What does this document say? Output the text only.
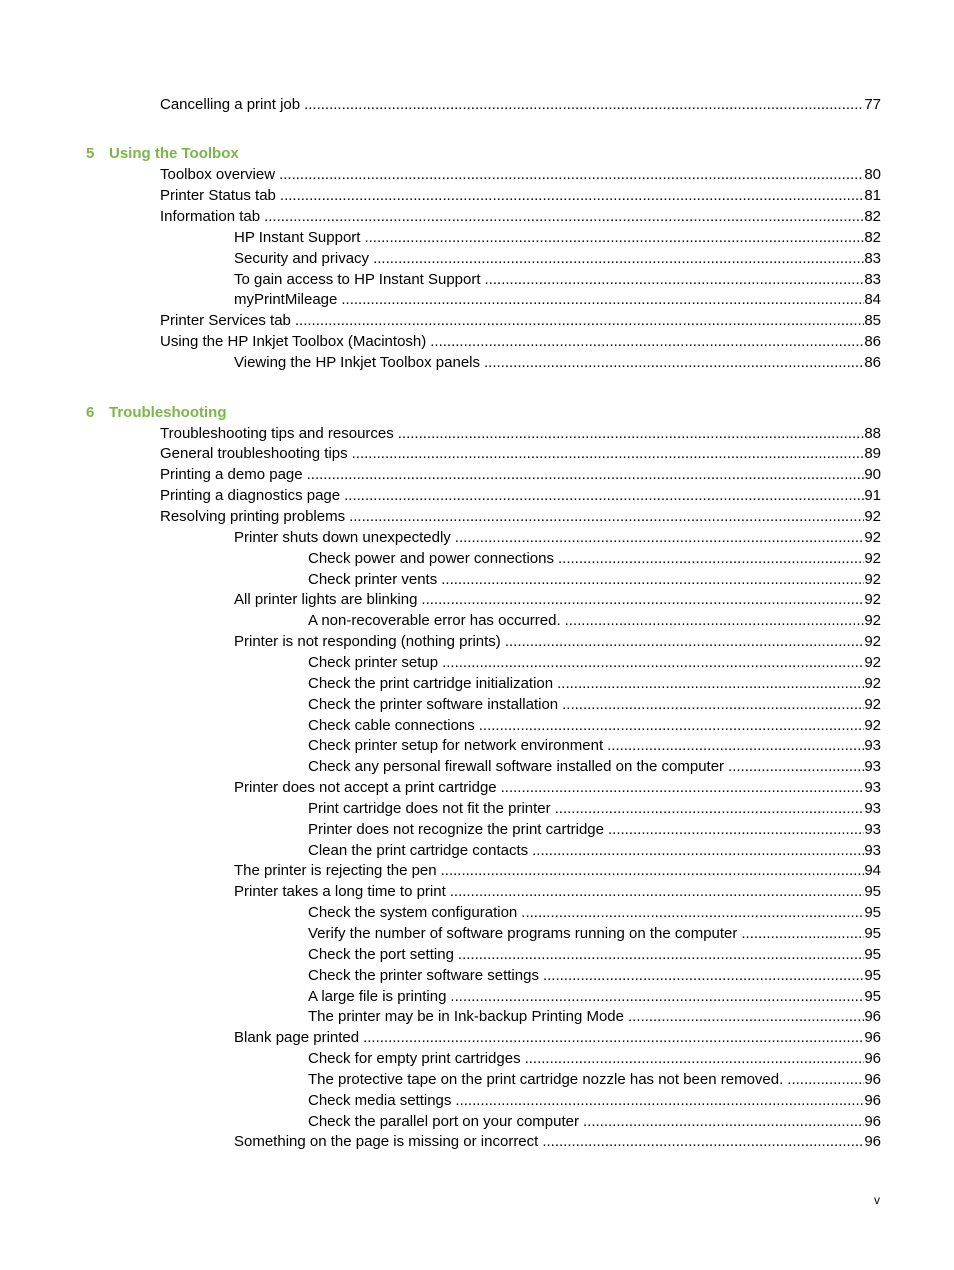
Cancelling a print job .....	77
5 Using the Toolbox
Toolbox overview .....	80
Printer Status tab .....	81
Information tab .....	82
HP Instant Support .....	82
Security and privacy .....	83
To gain access to HP Instant Support .....	83
myPrintMileage .....	84
Printer Services tab .....	85
Using the HP Inkjet Toolbox (Macintosh) .....	86
Viewing the HP Inkjet Toolbox panels .....	86
6 Troubleshooting
Troubleshooting tips and resources .....	88
General troubleshooting tips .....	89
Printing a demo page .....	90
Printing a diagnostics page .....	91
Resolving printing problems .....	92
Printer shuts down unexpectedly .....	92
Check power and power connections .....	92
Check printer vents .....	92
All printer lights are blinking .....	92
A non-recoverable error has occurred. .....	92
Printer is not responding (nothing prints) .....	92
Check printer setup .....	92
Check the print cartridge initialization .....	92
Check the printer software installation .....	92
Check cable connections .....	92
Check printer setup for network environment .....	93
Check any personal firewall software installed on the computer .....	93
Printer does not accept a print cartridge .....	93
Print cartridge does not fit the printer .....	93
Printer does not recognize the print cartridge .....	93
Clean the print cartridge contacts .....	93
The printer is rejecting the pen .....	94
Printer takes a long time to print .....	95
Check the system configuration .....	95
Verify the number of software programs running on the computer .....	95
Check the port setting .....	95
Check the printer software settings .....	95
A large file is printing .....	95
The printer may be in Ink-backup Printing Mode .....	96
Blank page printed .....	96
Check for empty print cartridges .....	96
The protective tape on the print cartridge nozzle has not been removed. .....	96
Check media settings .....	96
Check the parallel port on your computer .....	96
Something on the page is missing or incorrect .....	96
v
